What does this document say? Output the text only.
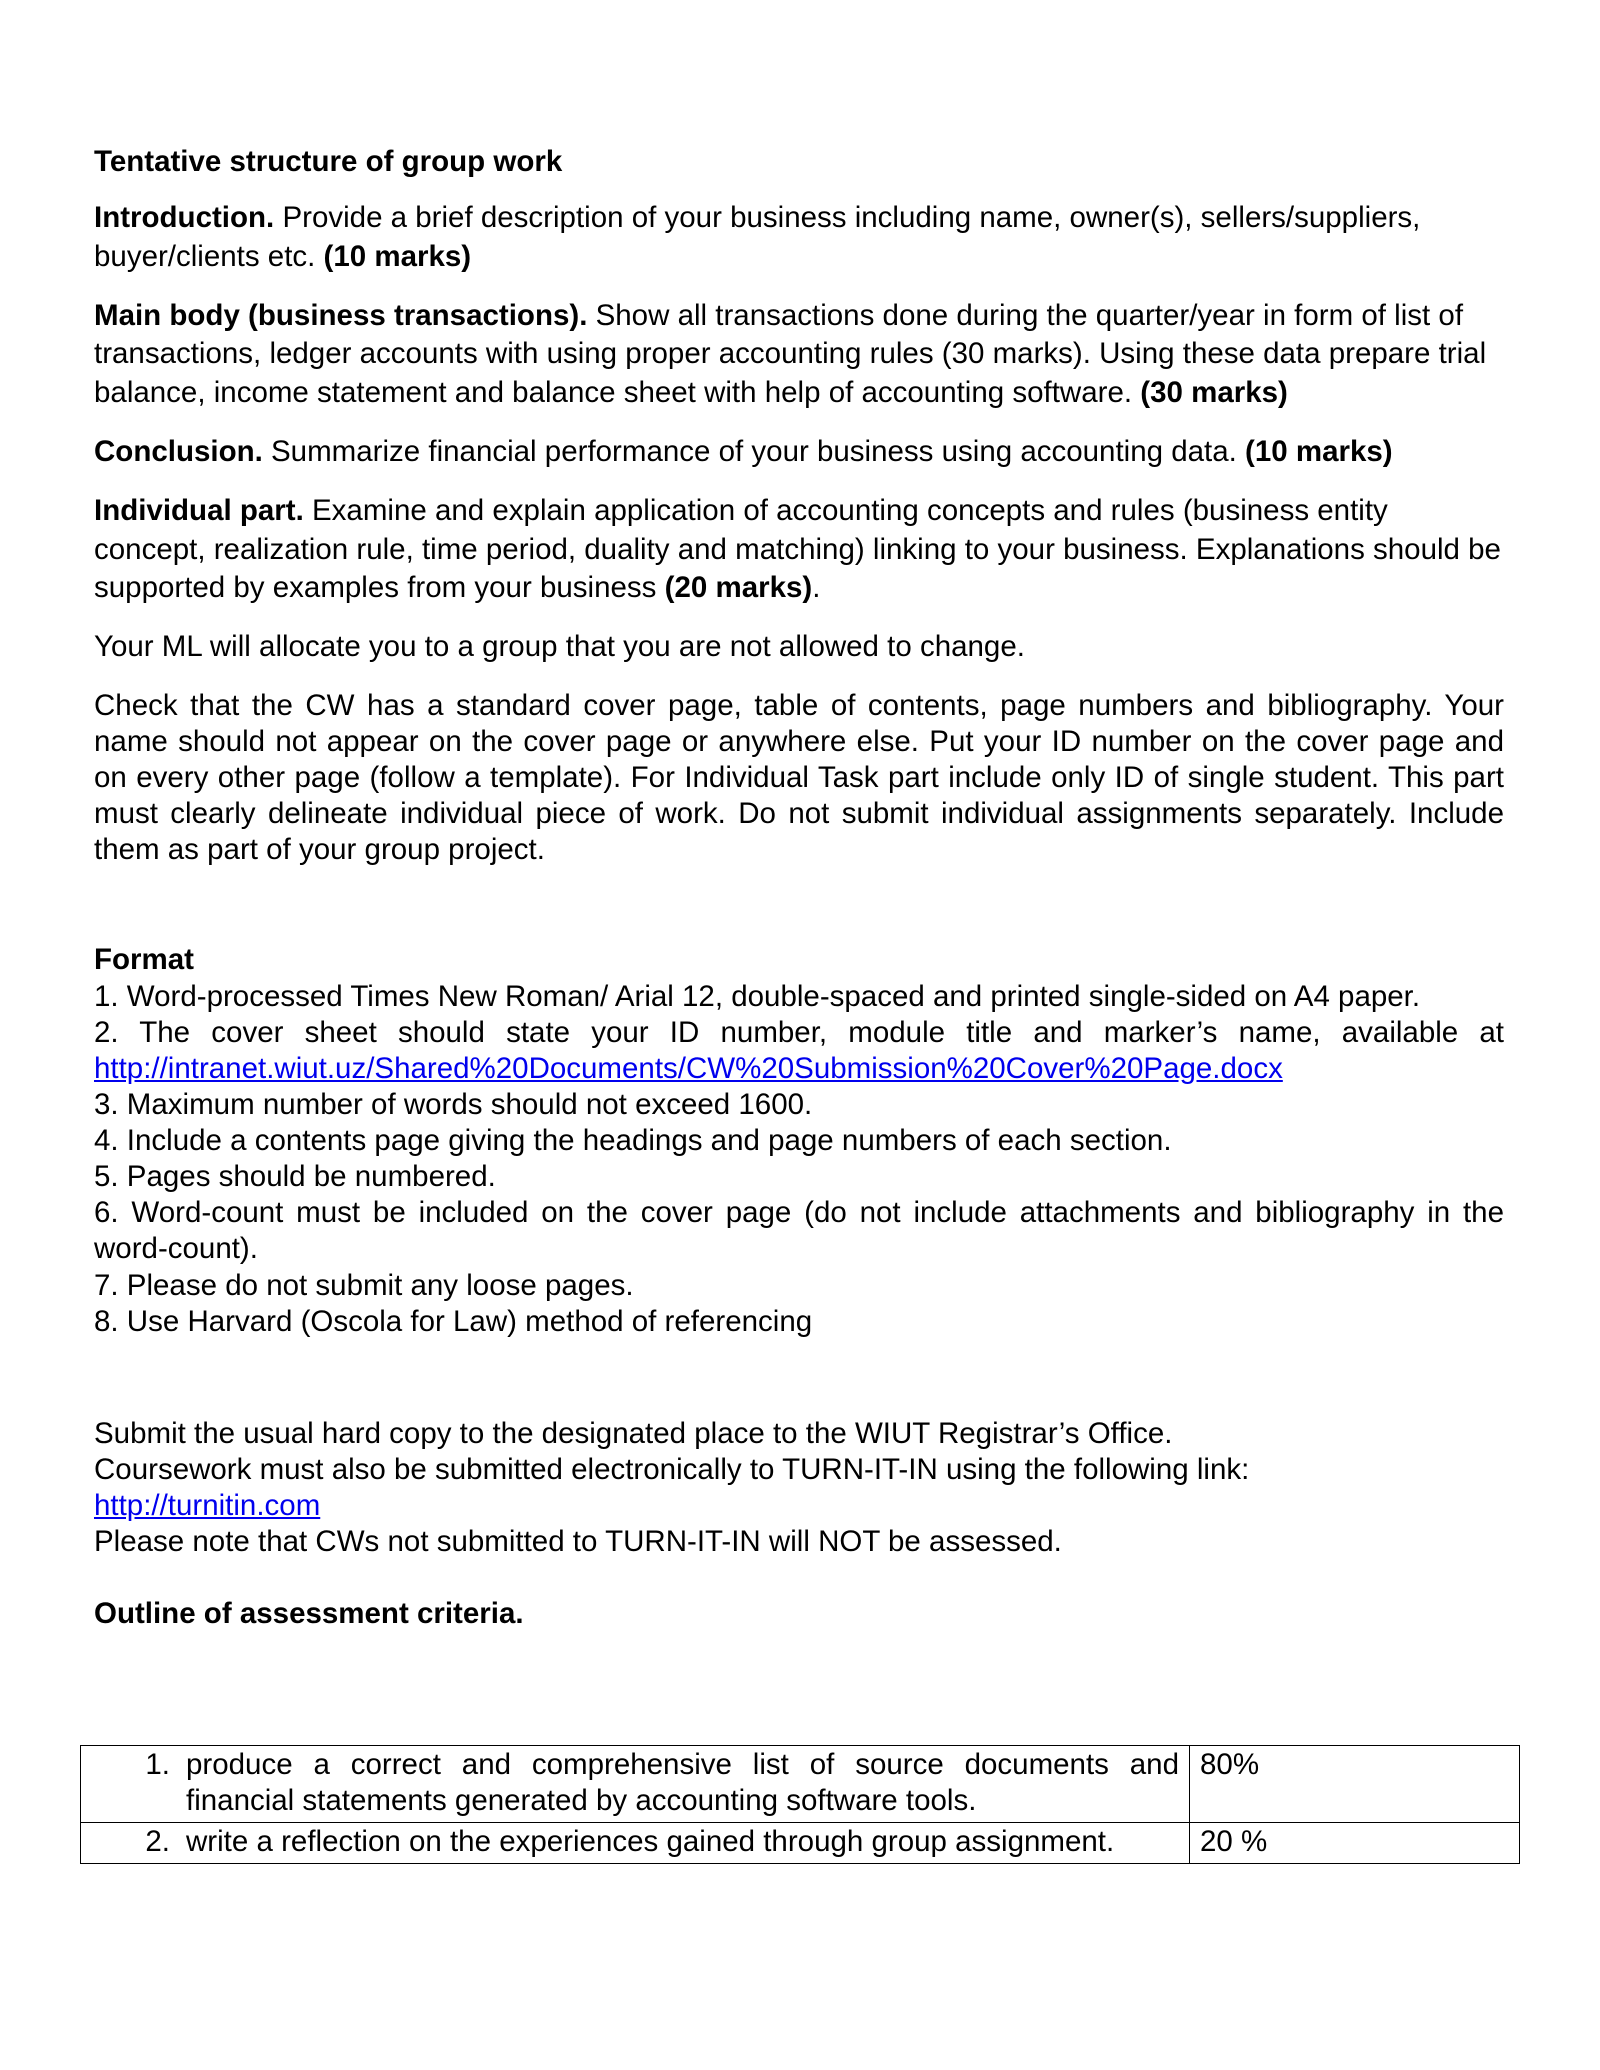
Tentative structure of group work

Introduction. Provide a brief description of your business including name, owner(s), sellers/suppliers, buyer/clients etc. (10 marks)

Main body (business transactions). Show all transactions done during the quarter/year in form of list of transactions, ledger accounts with using proper accounting rules (30 marks). Using these data prepare trial balance, income statement and balance sheet with help of accounting software. (30 marks)

Conclusion. Summarize financial performance of your business using accounting data. (10 marks)

Individual part. Examine and explain application of accounting concepts and rules (business entity concept, realization rule, time period, duality and matching) linking to your business. Explanations should be supported by examples from your business (20 marks).

Your ML will allocate you to a group that you are not allowed to change.

Check that the CW has a standard cover page, table of contents, page numbers and bibliography. Your name should not appear on the cover page or anywhere else. Put your ID number on the cover page and on every other page (follow a template). For Individual Task part include only ID of single student. This part must clearly delineate individual piece of work. Do not submit individual assignments separately. Include them as part of your group project.

Format

1. Word-processed Times New Roman/ Arial 12, double-spaced and printed single-sided on A4 paper.
2. The cover sheet should state your ID number, module title and marker’s name, available at http://intranet.wiut.uz/Shared%20Documents/CW%20Submission%20Cover%20Page.docx
3. Maximum number of words should not exceed 1600.
4. Include a contents page giving the headings and page numbers of each section.
5. Pages should be numbered.
6. Word-count must be included on the cover page (do not include attachments and bibliography in the word-count).
7. Please do not submit any loose pages.
8. Use Harvard (Oscola for Law) method of referencing
Submit the usual hard copy to the designated place to the WIUT Registrar’s Office.
Coursework must also be submitted electronically to TURN-IT-IN using the following link:
http://turnitin.com
Please note that CWs not submitted to TURN-IT-IN will NOT be assessed.

Outline of assessment criteria.

1. produce a correct and comprehensive list of source documents and financial statements generated by accounting software tools.	80%

2. write a reflection on the experiences gained through group assignment.	20 %
